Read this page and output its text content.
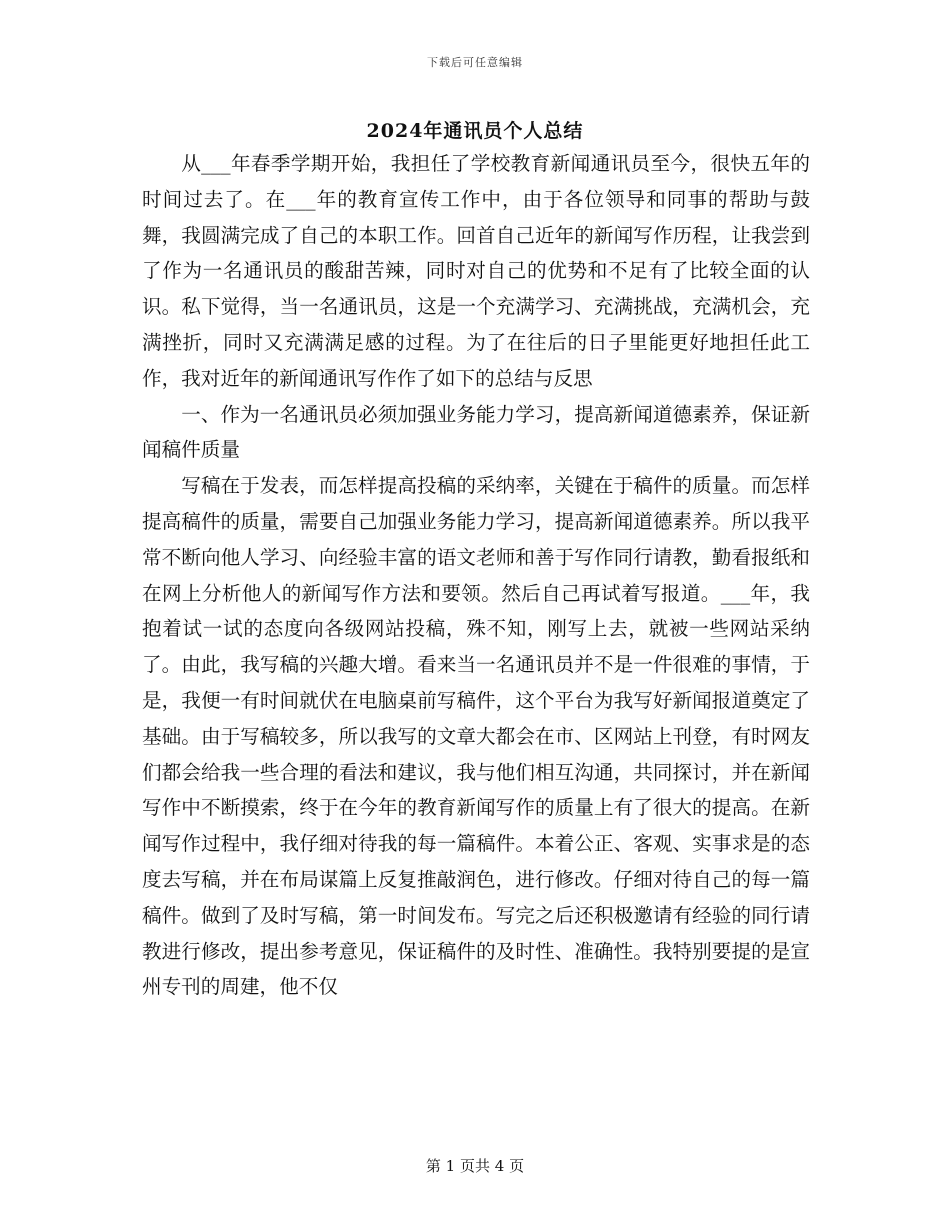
下载后可任意编辑
2024年通讯员个人总结

从___年春季学期开始，我担任了学校教育新闻通讯员至今，很快五年的时间过去了。在___年的教育宣传工作中，由于各位领导和同事的帮助与鼓舞，我圆满完成了自己的本职工作。回首自己近年的新闻写作历程，让我尝到了作为一名通讯员的酸甜苦辣，同时对自己的优势和不足有了比较全面的认识。私下觉得，当一名通讯员，这是一个充满学习、充满挑战，充满机会，充满挫折，同时又充满满足感的过程。为了在往后的日子里能更好地担任此工作，我对近年的新闻通讯写作作了如下的总结与反思

一、作为一名通讯员必须加强业务能力学习，提高新闻道德素养，保证新闻稿件质量

写稿在于发表，而怎样提高投稿的采纳率，关键在于稿件的质量。而怎样提高稿件的质量，需要自己加强业务能力学习，提高新闻道德素养。所以我平常不断向他人学习、向经验丰富的语文老师和善于写作同行请教，勤看报纸和在网上分析他人的新闻写作方法和要领。然后自己再试着写报道。___年，我抱着试一试的态度向各级网站投稿，殊不知，刚写上去，就被一些网站采纳了。由此，我写稿的兴趣大增。看来当一名通讯员并不是一件很难的事情，于是，我便一有时间就伏在电脑桌前写稿件，这个平台为我写好新闻报道奠定了基础。由于写稿较多，所以我写的文章大都会在市、区网站上刊登，有时网友们都会给我一些合理的看法和建议，我与他们相互沟通，共同探讨，并在新闻写作中不断摸索，终于在今年的教育新闻写作的质量上有了很大的提高。在新闻写作过程中，我仔细对待我的每一篇稿件。本着公正、客观、实事求是的态度去写稿，并在布局谋篇上反复推敲润色，进行修改。仔细对待自己的每一篇稿件。做到了及时写稿，第一时间发布。写完之后还积极邀请有经验的同行请教进行修改，提出参考意见，保证稿件的及时性、准确性。我特别要提的是宣州专刊的周建，他不仅

第 1 页共 4 页
